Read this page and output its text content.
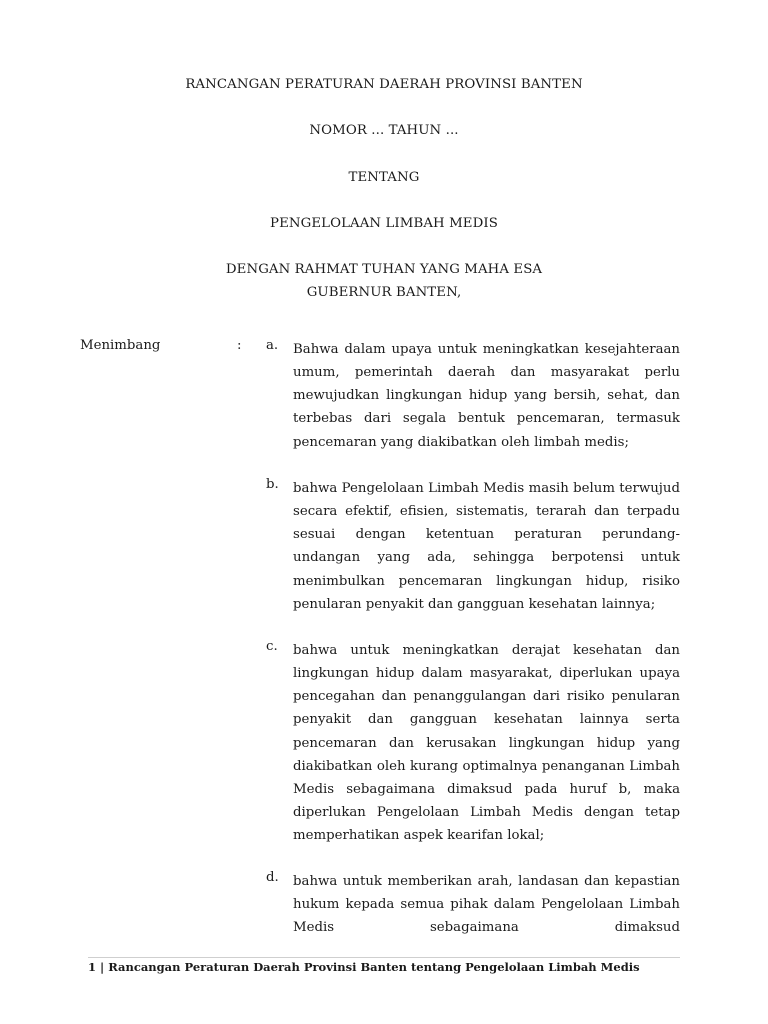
RANCANGAN PERATURAN DAERAH PROVINSI BANTEN
NOMOR ... TAHUN ...
TENTANG
PENGELOLAAN LIMBAH MEDIS
DENGAN RAHMAT TUHAN YANG MAHA ESA
GUBERNUR BANTEN,
Menimbang	: a. Bahwa dalam upaya untuk meningkatkan kesejahteraan umum, pemerintah daerah dan masyarakat perlu mewujudkan lingkungan hidup yang bersih, sehat, dan terbebas dari segala bentuk pencemaran, termasuk pencemaran yang diakibatkan oleh limbah medis;
b. bahwa Pengelolaan Limbah Medis masih belum terwujud secara efektif, efisien, sistematis, terarah dan terpadu sesuai dengan ketentuan peraturan perundang-undangan yang ada, sehingga berpotensi untuk menimbulkan pencemaran lingkungan hidup, risiko penularan penyakit dan gangguan kesehatan lainnya;
c. bahwa untuk meningkatkan derajat kesehatan dan lingkungan hidup dalam masyarakat, diperlukan upaya pencegahan dan penanggulangan dari risiko penularan penyakit dan gangguan kesehatan lainnya serta pencemaran dan kerusakan lingkungan hidup yang diakibatkan oleh kurang optimalnya penanganan Limbah Medis sebagaimana dimaksud pada huruf b, maka diperlukan Pengelolaan Limbah Medis dengan tetap memperhatikan aspek kearifan lokal;
d. bahwa untuk memberikan arah, landasan dan kepastian hukum kepada semua pihak dalam Pengelolaan Limbah Medis sebagaimana dimaksud
1 | Rancangan Peraturan Daerah Provinsi Banten tentang Pengelolaan Limbah Medis
